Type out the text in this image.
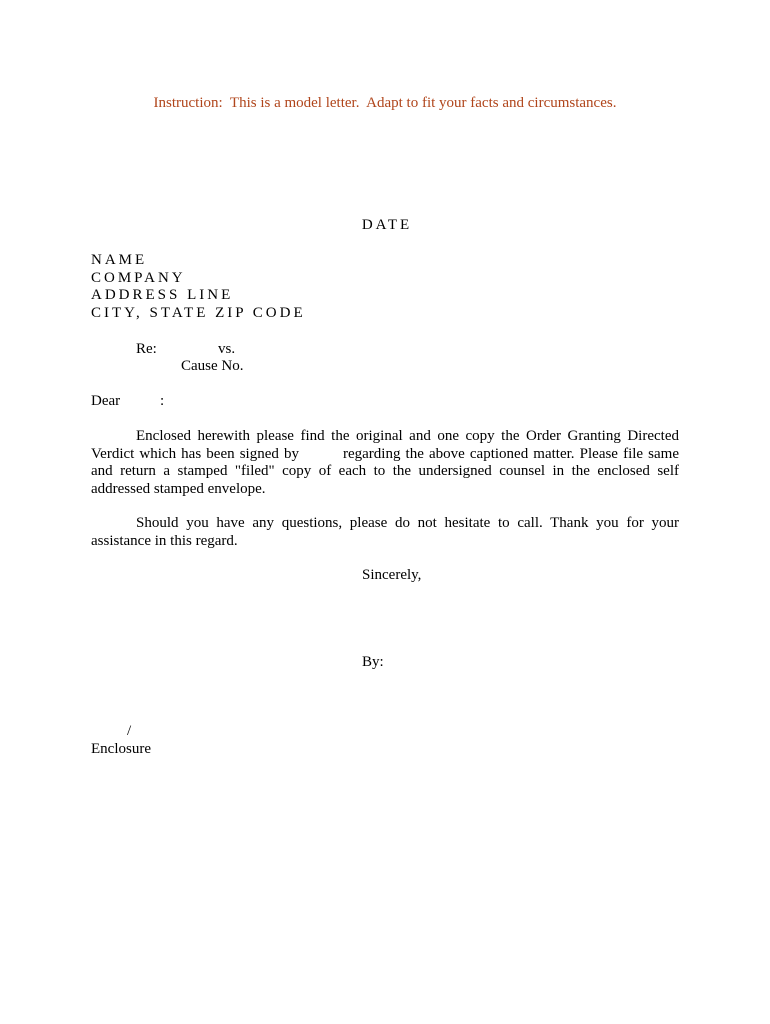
Instruction:  This is a model letter.  Adapt to fit your facts and circumstances.
DATE
NAME
COMPANY
ADDRESS LINE
CITY, STATE ZIP CODE
Re:	vs.
Cause No.
Dear	:
Enclosed herewith please find the original and one copy the Order Granting Directed Verdict which has been signed by	regarding the above captioned matter. Please file same and return a stamped "filed" copy of each to the undersigned counsel in the enclosed self addressed stamped envelope.
Should you have any questions, please do not hesitate to call. Thank you for your assistance in this regard.
Sincerely,
By:
/
Enclosure
